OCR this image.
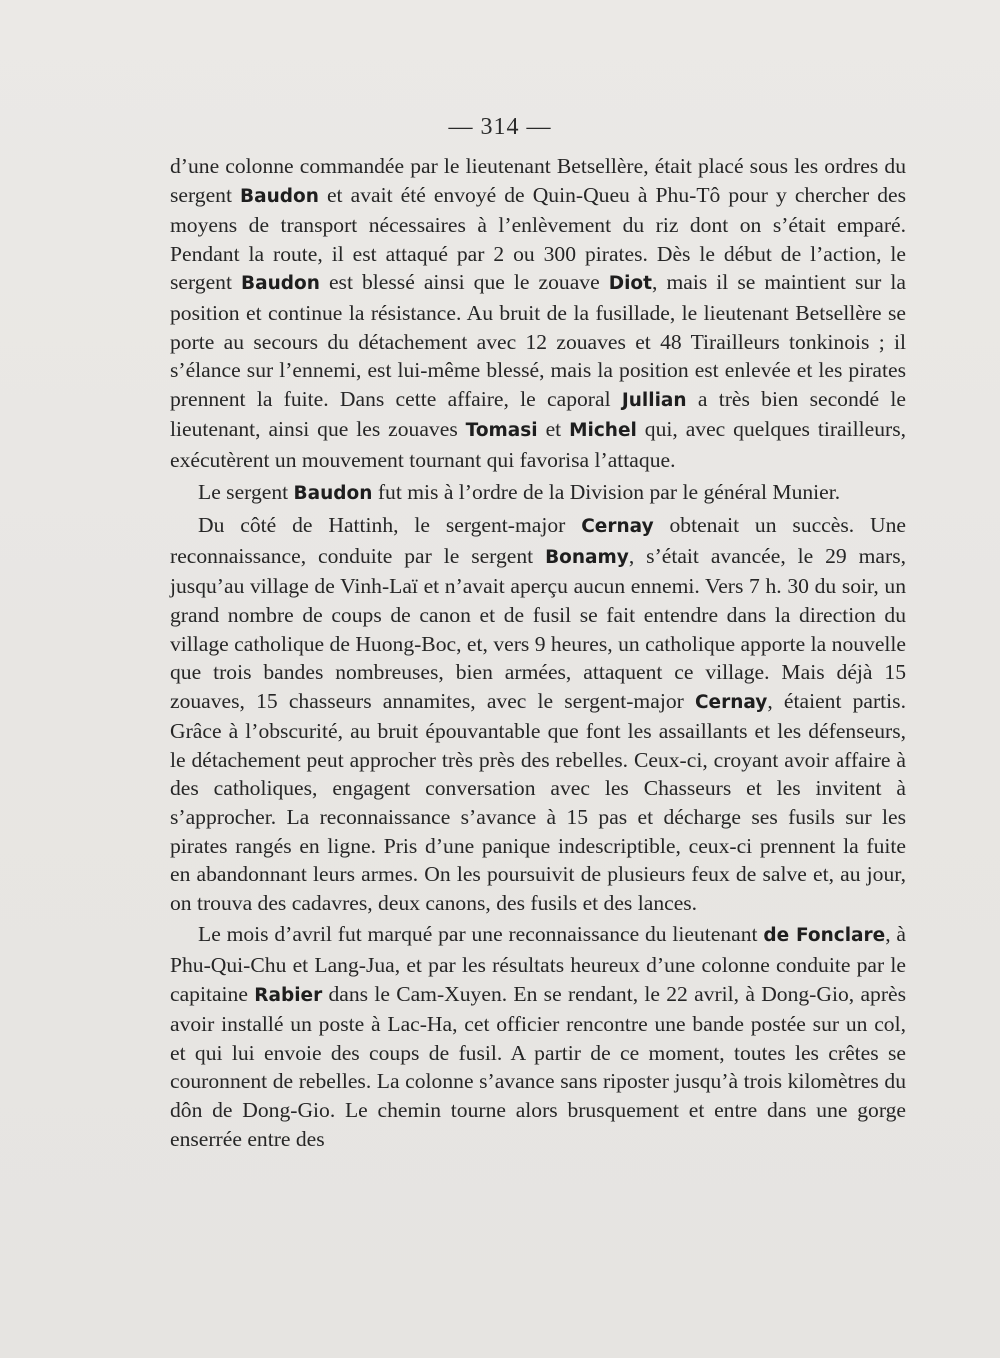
— 314 —

d’une colonne commandée par le lieutenant Betsellère, était placé sous les ordres du sergent Baudon et avait été envoyé de Quin-Queu à Phu-Tô pour y chercher des moyens de transport nécessaires à l’enlèvement du riz dont on s’était emparé. Pendant la route, il est attaqué par 2 ou 300 pirates. Dès le début de l’action, le sergent Baudon est blessé ainsi que le zouave Diot, mais il se maintient sur la position et continue la résistance. Au bruit de la fusillade, le lieutenant Betsellère se porte au secours du détachement avec 12 zouaves et 48 Tirailleurs tonkinois ; il s’élance sur l’ennemi, est lui-même blessé, mais la position est enlevée et les pirates prennent la fuite. Dans cette affaire, le caporal Jullian a très bien secondé le lieutenant, ainsi que les zouaves Tomasi et Michel qui, avec quelques tirailleurs, exécutèrent un mouvement tournant qui favorisa l’attaque.

Le sergent Baudon fut mis à l’ordre de la Division par le général Munier.

Du côté de Hattinh, le sergent-major Cernay obtenait un succès. Une reconnaissance, conduite par le sergent Bonamy, s’était avancée, le 29 mars, jusqu’au village de Vinh-Laï et n’avait aperçu aucun ennemi. Vers 7 h. 30 du soir, un grand nombre de coups de canon et de fusil se fait entendre dans la direction du village catholique de Huong-Boc, et, vers 9 heures, un catholique apporte la nouvelle que trois bandes nombreuses, bien armées, attaquent ce village. Mais déjà 15 zouaves, 15 chasseurs annamites, avec le sergent-major Cernay, étaient partis. Grâce à l’obscurité, au bruit épouvantable que font les assaillants et les défenseurs, le détachement peut approcher très près des rebelles. Ceux-ci, croyant avoir affaire à des catholiques, engagent conversation avec les Chasseurs et les invitent à s’approcher. La reconnaissance s’avance à 15 pas et décharge ses fusils sur les pirates rangés en ligne. Pris d’une panique indescriptible, ceux-ci prennent la fuite en abandonnant leurs armes. On les poursuivit de plusieurs feux de salve et, au jour, on trouva des cadavres, deux canons, des fusils et des lances.

Le mois d’avril fut marqué par une reconnaissance du lieutenant de Fonclare, à Phu-Qui-Chu et Lang-Jua, et par les résultats heureux d’une colonne conduite par le capitaine Rabier dans le Cam-Xuyen. En se rendant, le 22 avril, à Dong-Gio, après avoir installé un poste à Lac-Ha, cet officier rencontre une bande postée sur un col, et qui lui envoie des coups de fusil. A partir de ce moment, toutes les crêtes se couronnent de rebelles. La colonne s’avance sans riposter jusqu’à trois kilomètres du dôn de Dong-Gio. Le chemin tourne alors brusquement et entre dans une gorge enserrée entre des
